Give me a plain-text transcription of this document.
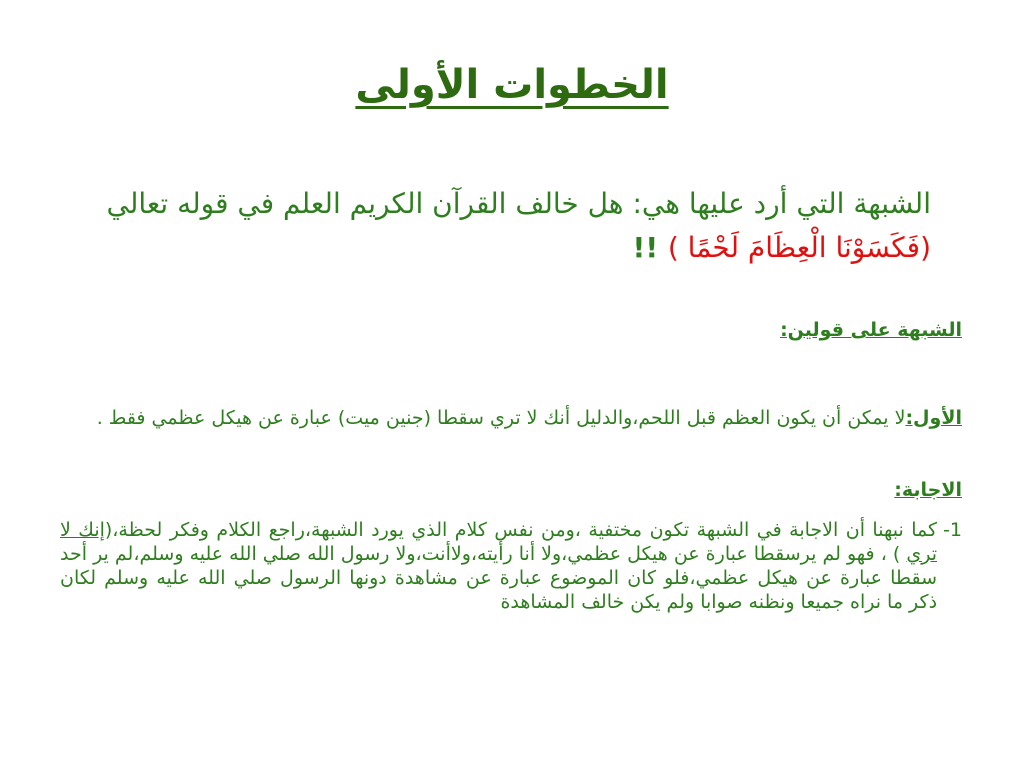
الخطوات الأولى
الشبهة التي أرد عليها هي: هل خالف القرآن الكريم العلم في قوله تعالي (فَكَسَوْنَا الْعِظَامَ لَحْمًا ) !!
الشبهة على قولين:
الأول:لا يمكن أن يكون العظم قبل اللحم،والدليل أنك لا تري سقطا (جنين ميت) عبارة عن هيكل عظمي فقط .
الاجابة:
1-
كما نبهنا أن الاجابة في الشبهة تكون مختفية ،ومن نفس كلام الذي يورد الشبهة،راجع الكلام وفكر لحظة،(إنك لا تري ) ، فهو لم يرسقطا عبارة عن هيكل عظمي،ولا أنا رأيته،ولاأنت،ولا رسول الله صلي الله عليه وسلم،لم ير أحد سقطا عبارة عن هيكل عظمي،فلو كان الموضوع عبارة عن مشاهدة دونها الرسول صلي الله عليه وسلم لكان ذكر ما نراه جميعا ونظنه صوابا ولم يكن خالف المشاهدة
